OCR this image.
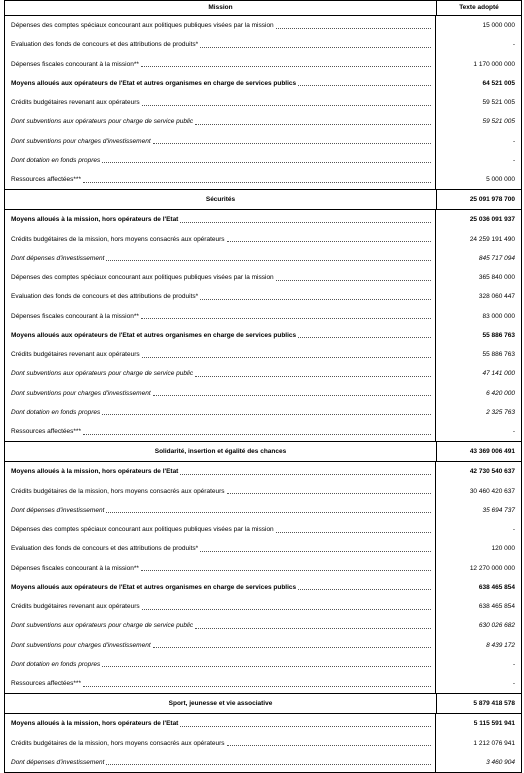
Mission	Texte adopté
Dépenses des comptes spéciaux concourant aux politiques publiques visées par la mission	15 000 000
Evaluation des fonds de concours et des attributions de produits*	-
Dépenses fiscales concourant à la mission**	1 170 000 000
Moyens alloués aux opérateurs de l'Etat et autres organismes en charge de services publics	64 521 005
Crédits budgétaires revenant aux opérateurs	59 521 005
Dont subventions aux opérateurs pour charge de service public	59 521 005
Dont subventions pour charges d'investissement	-
Dont dotation en fonds propres	-
Ressources affectées***	5 000 000
Sécurités	25 091 978 700
Moyens alloués à la mission, hors opérateurs de l'Etat	25 036 091 937
Crédits budgétaires de la mission, hors moyens consacrés aux opérateurs	24 259 191 490
Dont dépenses d'investissement	845 717 094
Dépenses des comptes spéciaux concourant aux politiques publiques visées par la mission	365 840 000
Evaluation des fonds de concours et des attributions de produits*	328 060 447
Dépenses fiscales concourant à la mission**	83 000 000
Moyens alloués aux opérateurs de l'Etat et autres organismes en charge de services publics	55 886 763
Crédits budgétaires revenant aux opérateurs	55 886 763
Dont subventions aux opérateurs pour charge de service public	47 141 000
Dont subventions pour charges d'investissement	6 420 000
Dont dotation en fonds propres	2 325 763
Ressources affectées***	-
Solidarité, insertion et égalité des chances	43 369 006 491
Moyens alloués à la mission, hors opérateurs de l'Etat	42 730 540 637
Crédits budgétaires de la mission, hors moyens consacrés aux opérateurs	30 460 420 637
Dont dépenses d'investissement	35 694 737
Dépenses des comptes spéciaux concourant aux politiques publiques visées par la mission	-
Evaluation des fonds de concours et des attributions de produits*	120 000
Dépenses fiscales concourant à la mission**	12 270 000 000
Moyens alloués aux opérateurs de l'Etat et autres organismes en charge de services publics	638 465 854
Crédits budgétaires revenant aux opérateurs	638 465 854
Dont subventions aux opérateurs pour charge de service public	630 026 682
Dont subventions pour charges d'investissement	8 439 172
Dont dotation en fonds propres	-
Ressources affectées***	-
Sport, jeunesse et vie associative	5 879 418 578
Moyens alloués à la mission, hors opérateurs de l'Etat	5 115 591 941
Crédits budgétaires de la mission, hors moyens consacrés aux opérateurs	1 212 076 941
Dont dépenses d'investissement	3 460 904
